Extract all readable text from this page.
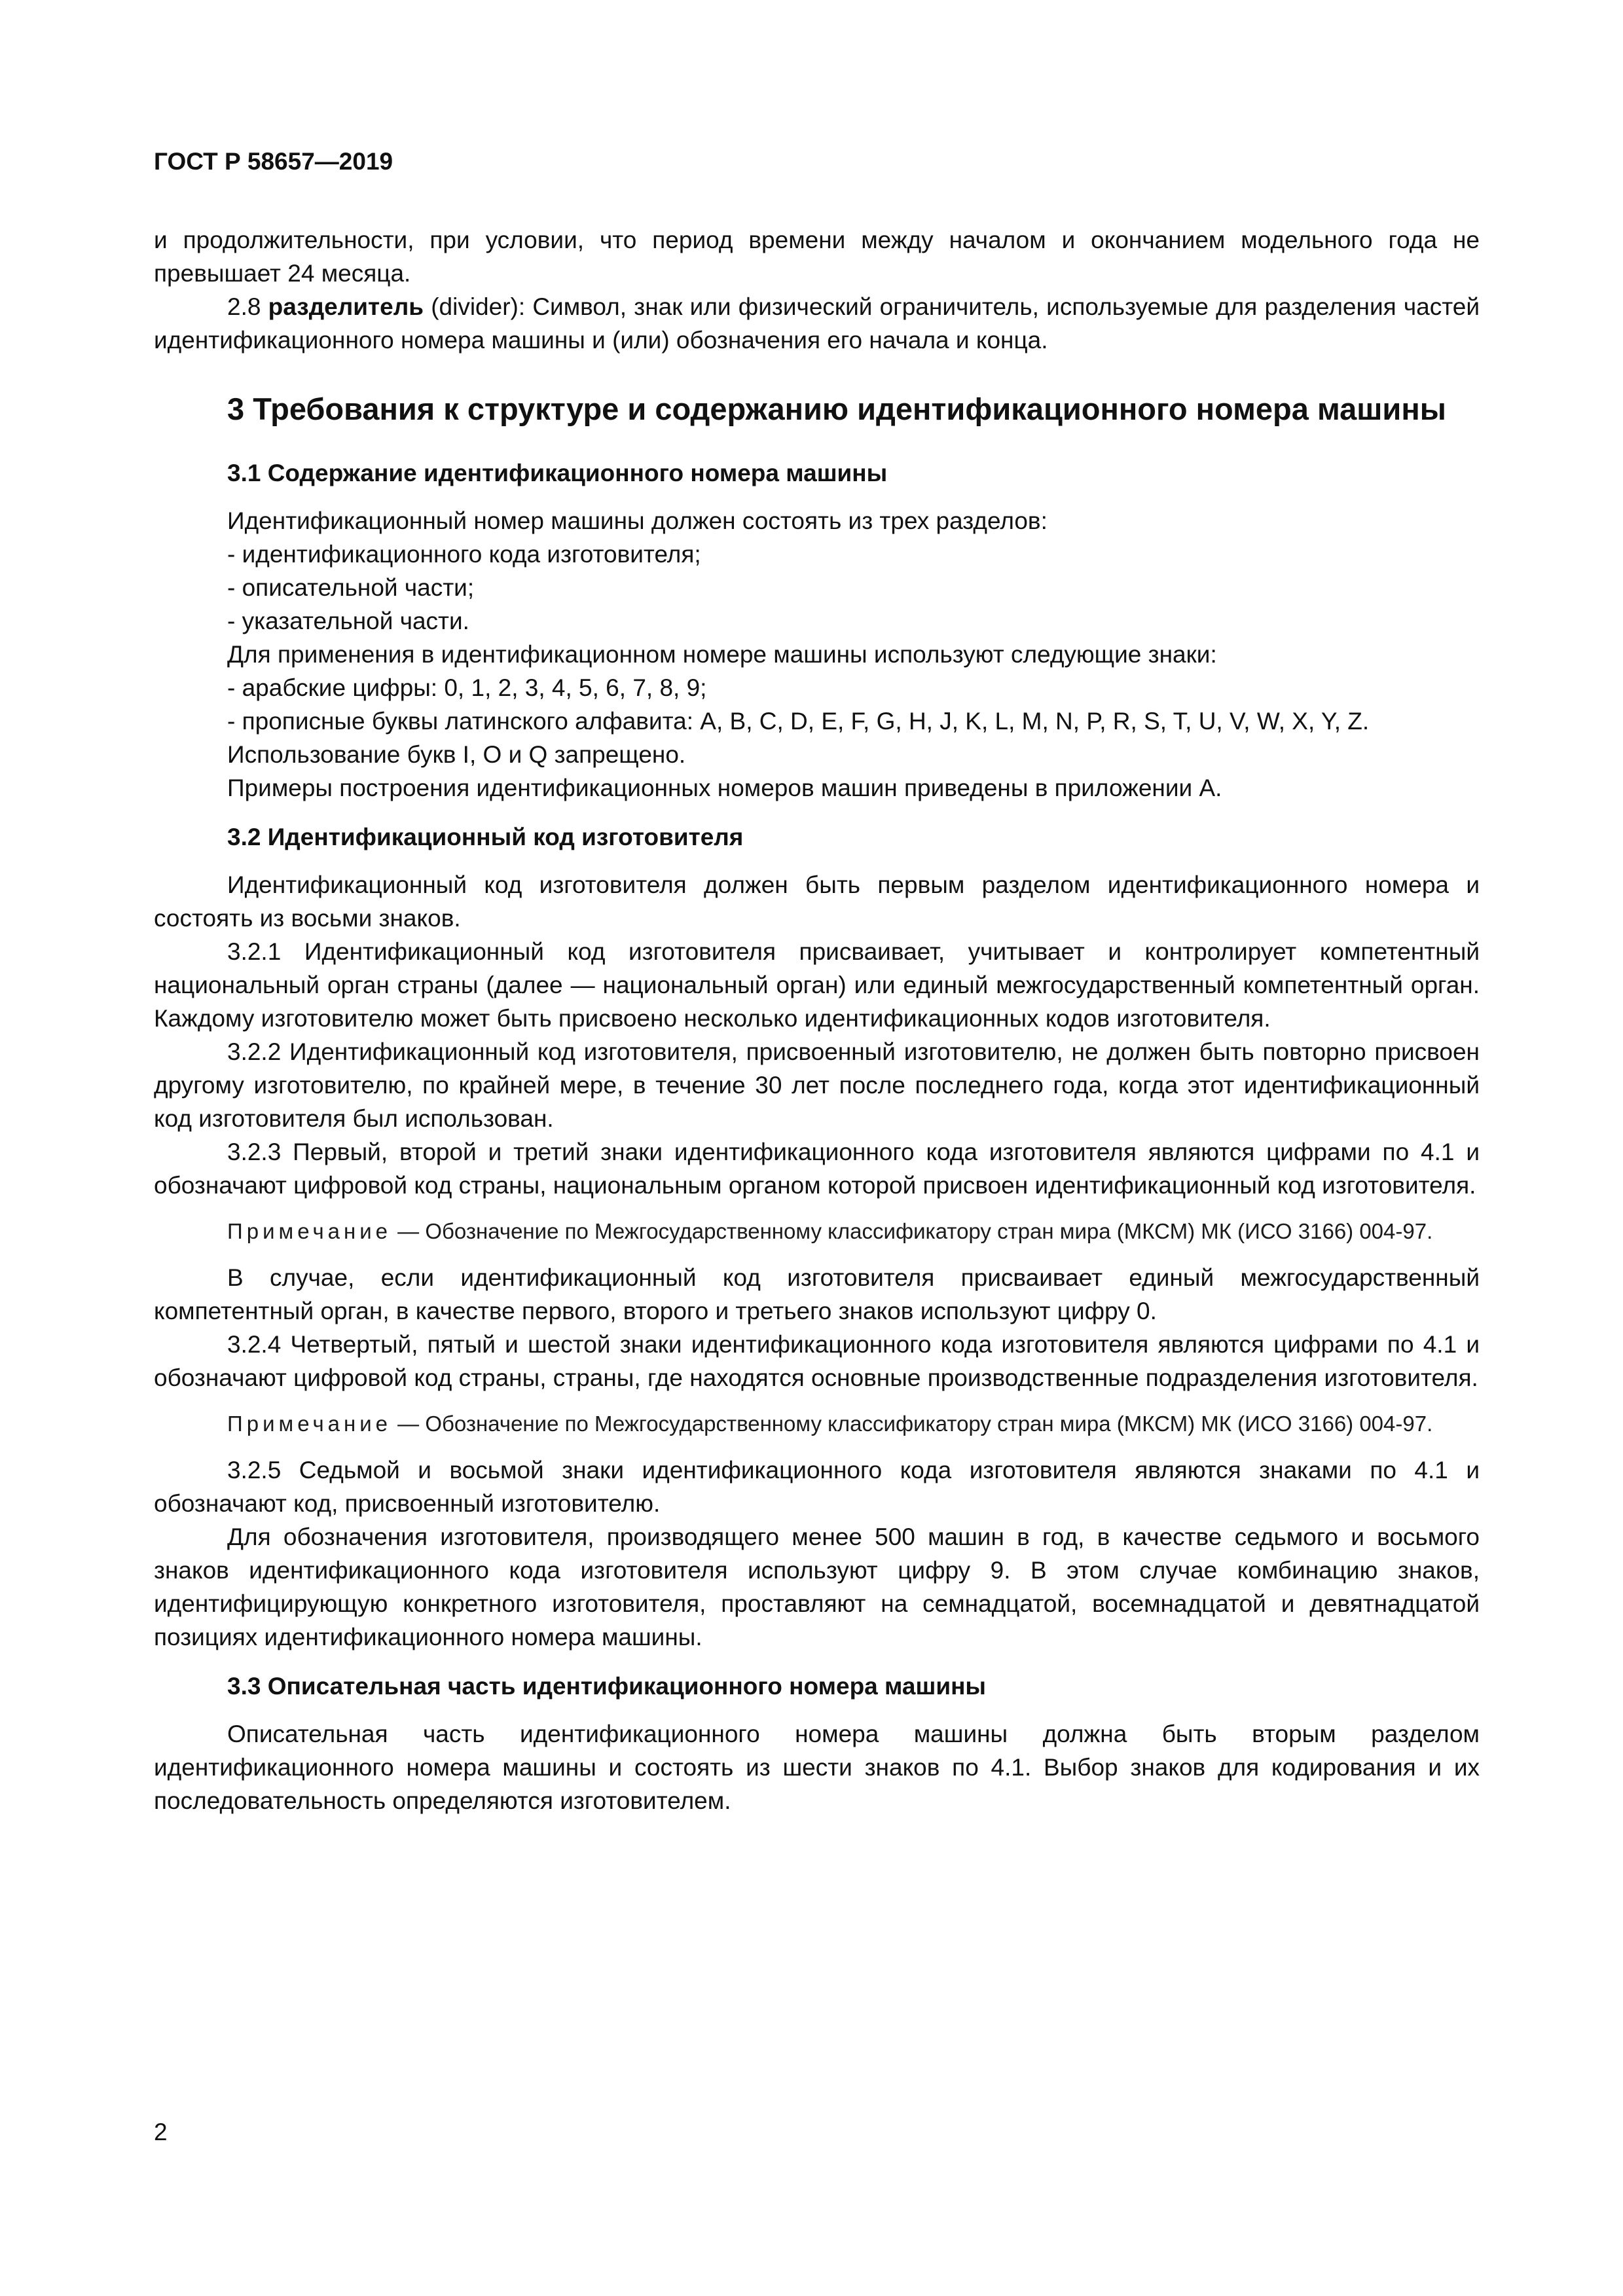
ГОСТ Р 58657—2019

и продолжительности, при условии, что период времени между началом и окончанием модельного года не превышает 24 месяца.

2.8 разделитель (divider): Символ, знак или физический ограничитель, используемые для разделения частей идентификационного номера машины и (или) обозначения его начала и конца.

3 Требования к структуре и содержанию идентификационного номера машины
3.1 Содержание идентификационного номера машины
Идентификационный номер машины должен состоять из трех разделов:
- идентификационного кода изготовителя;
- описательной части;
- указательной части.
Для применения в идентификационном номере машины используют следующие знаки:
- арабские цифры: 0, 1, 2, 3, 4, 5, 6, 7, 8, 9;

- прописные буквы латинского алфавита: A, B, C, D, E, F, G, H, J, K, L, M, N, P, R, S, T, U, V, W, X, Y, Z.

Использование букв I, O и Q запрещено.
Примеры построения идентификационных номеров машин приведены в приложении А.
3.2 Идентификационный код изготовителя

Идентификационный код изготовителя должен быть первым разделом идентификационного номера и состоять из восьми знаков.

3.2.1 Идентификационный код изготовителя присваивает, учитывает и контролирует компетентный национальный орган страны (далее — национальный орган) или единый межгосударственный компетентный орган. Каждому изготовителю может быть присвоено несколько идентификационных кодов изготовителя.

3.2.2 Идентификационный код изготовителя, присвоенный изготовителю, не должен быть повторно присвоен другому изготовителю, по крайней мере, в течение 30 лет после последнего года, когда этот идентификационный код изготовителя был использован.

3.2.3 Первый, второй и третий знаки идентификационного кода изготовителя являются цифрами по 4.1 и обозначают цифровой код страны, национальным органом которой присвоен идентификационный код изготовителя.

Примечание — Обозначение по Межгосударственному классификатору стран мира (МКСМ) МК (ИСО 3166) 004-97.

В случае, если идентификационный код изготовителя присваивает единый межгосударственный компетентный орган, в качестве первого, второго и третьего знаков используют цифру 0.

3.2.4 Четвертый, пятый и шестой знаки идентификационного кода изготовителя являются цифрами по 4.1 и обозначают цифровой код страны, страны, где находятся основные производственные подразделения изготовителя.

Примечание — Обозначение по Межгосударственному классификатору стран мира (МКСМ) МК (ИСО 3166) 004-97.

3.2.5 Седьмой и восьмой знаки идентификационного кода изготовителя являются знаками по 4.1 и обозначают код, присвоенный изготовителю.

Для обозначения изготовителя, производящего менее 500 машин в год, в качестве седьмого и восьмого знаков идентификационного кода изготовителя используют цифру 9. В этом случае комбинацию знаков, идентифицирующую конкретного изготовителя, проставляют на семнадцатой, восемнадцатой и девятнадцатой позициях идентификационного номера машины.

3.3 Описательная часть идентификационного номера машины

Описательная часть идентификационного номера машины должна быть вторым разделом идентификационного номера машины и состоять из шести знаков по 4.1. Выбор знаков для кодирования и их последовательность определяются изготовителем.

2
